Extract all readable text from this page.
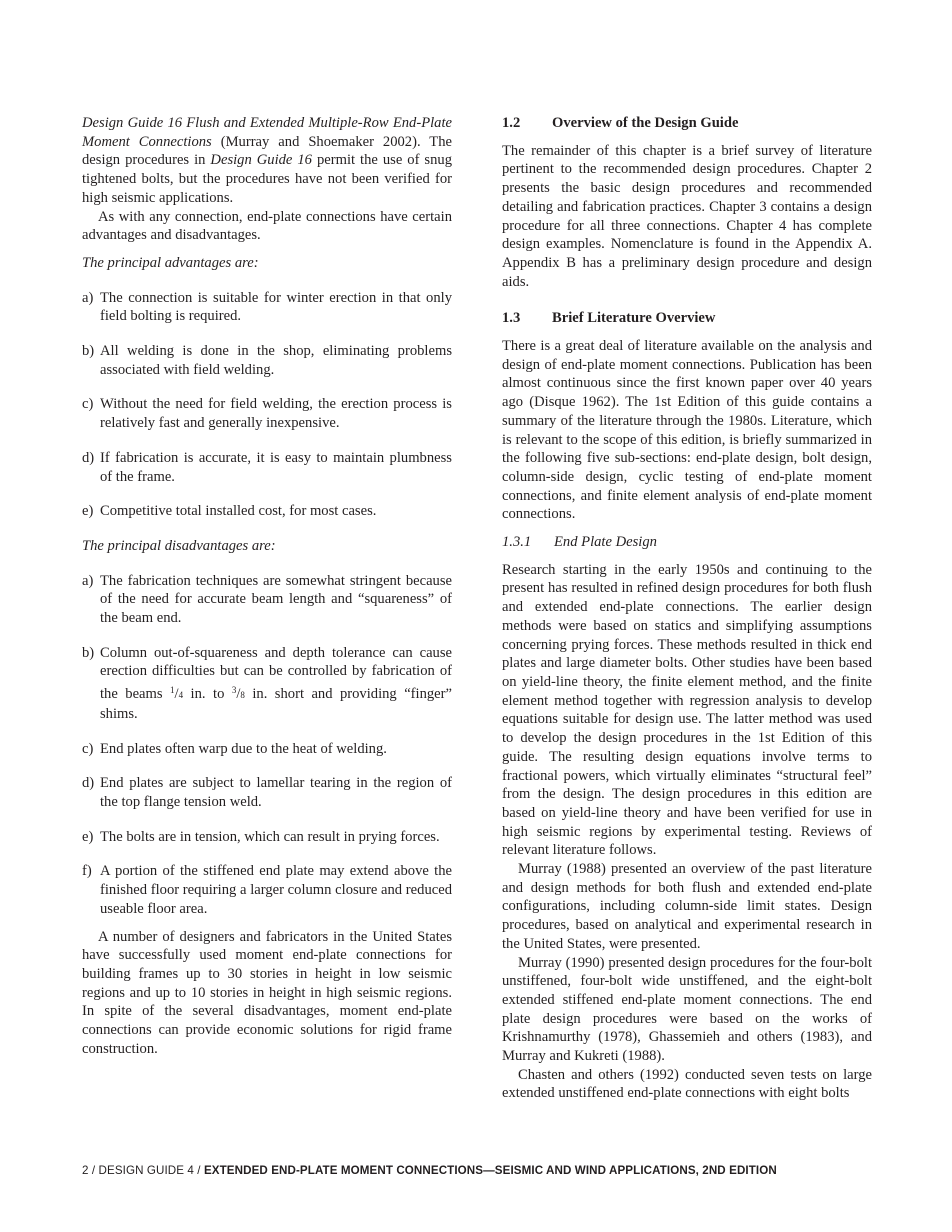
Design Guide 16 Flush and Extended Multiple-Row End-Plate Moment Connections (Murray and Shoemaker 2002). The design procedures in Design Guide 16 permit the use of snug tightened bolts, but the procedures have not been verified for high seismic applications.

As with any connection, end-plate connections have certain advantages and disadvantages.

The principal advantages are:

a) The connection is suitable for winter erection in that only field bolting is required.
b) All welding is done in the shop, eliminating problems associated with field welding.
c) Without the need for field welding, the erection process is relatively fast and generally inexpensive.
d) If fabrication is accurate, it is easy to maintain plumbness of the frame.
e) Competitive total installed cost, for most cases.

The principal disadvantages are:

a) The fabrication techniques are somewhat stringent because of the need for accurate beam length and “squareness” of the beam end.
b) Column out-of-squareness and depth tolerance can cause erection difficulties but can be controlled by fabrication of the beams $^1$/4 in. to $^3$/8 in. short and providing “finger” shims.
c) End plates often warp due to the heat of welding.
d) End plates are subject to lamellar tearing in the region of the top flange tension weld.
e) The bolts are in tension, which can result in prying forces.
f) A portion of the stiffened end plate may extend above the finished floor requiring a larger column closure and reduced useable floor area.

A number of designers and fabricators in the United States have successfully used moment end-plate connections for building frames up to 30 stories in height in low seismic regions and up to 10 stories in height in high seismic regions. In spite of the several disadvantages, moment end-plate connections can provide economic solutions for rigid frame construction.

1.2 Overview of the Design Guide

The remainder of this chapter is a brief survey of literature pertinent to the recommended design procedures. Chapter 2 presents the basic design procedures and recommended detailing and fabrication practices. Chapter 3 contains a design procedure for all three connections. Chapter 4 has complete design examples. Nomenclature is found in the Appendix A. Appendix B has a preliminary design procedure and design aids.

1.3 Brief Literature Overview

There is a great deal of literature available on the analysis and design of end-plate moment connections. Publication has been almost continuous since the first known paper over 40 years ago (Disque 1962). The 1st Edition of this guide contains a summary of the literature through the 1980s. Literature, which is relevant to the scope of this edition, is briefly summarized in the following five sub-sections: end-plate design, bolt design, column-side design, cyclic testing of end-plate moment connections, and finite element analysis of end-plate moment connections.

1.3.1 End Plate Design

Research starting in the early 1950s and continuing to the present has resulted in refined design procedures for both flush and extended end-plate connections. The earlier design methods were based on statics and simplifying assumptions concerning prying forces. These methods resulted in thick end plates and large diameter bolts. Other studies have been based on yield-line theory, the finite element method, and the finite element method together with regression analysis to develop equations suitable for design use. The latter method was used to develop the design procedures in the 1st Edition of this guide. The resulting design equations involve terms to fractional powers, which virtually eliminates “structural feel” from the design. The design procedures in this edition are based on yield-line theory and have been verified for use in high seismic regions by experimental testing. Reviews of relevant literature follows.

Murray (1988) presented an overview of the past literature and design methods for both flush and extended end-plate configurations, including column-side limit states. Design procedures, based on analytical and experimental research in the United States, were presented.

Murray (1990) presented design procedures for the four-bolt unstiffened, four-bolt wide unstiffened, and the eight-bolt extended stiffened end-plate moment connections. The end plate design procedures were based on the works of Krishnamurthy (1978), Ghassemieh and others (1983), and Murray and Kukreti (1988).

Chasten and others (1992) conducted seven tests on large extended unstiffened end-plate connections with eight bolts

2 / DESIGN GUIDE 4 / EXTENDED END-PLATE MOMENT CONNECTIONS—SEISMIC AND WIND APPLICATIONS, 2ND EDITION
